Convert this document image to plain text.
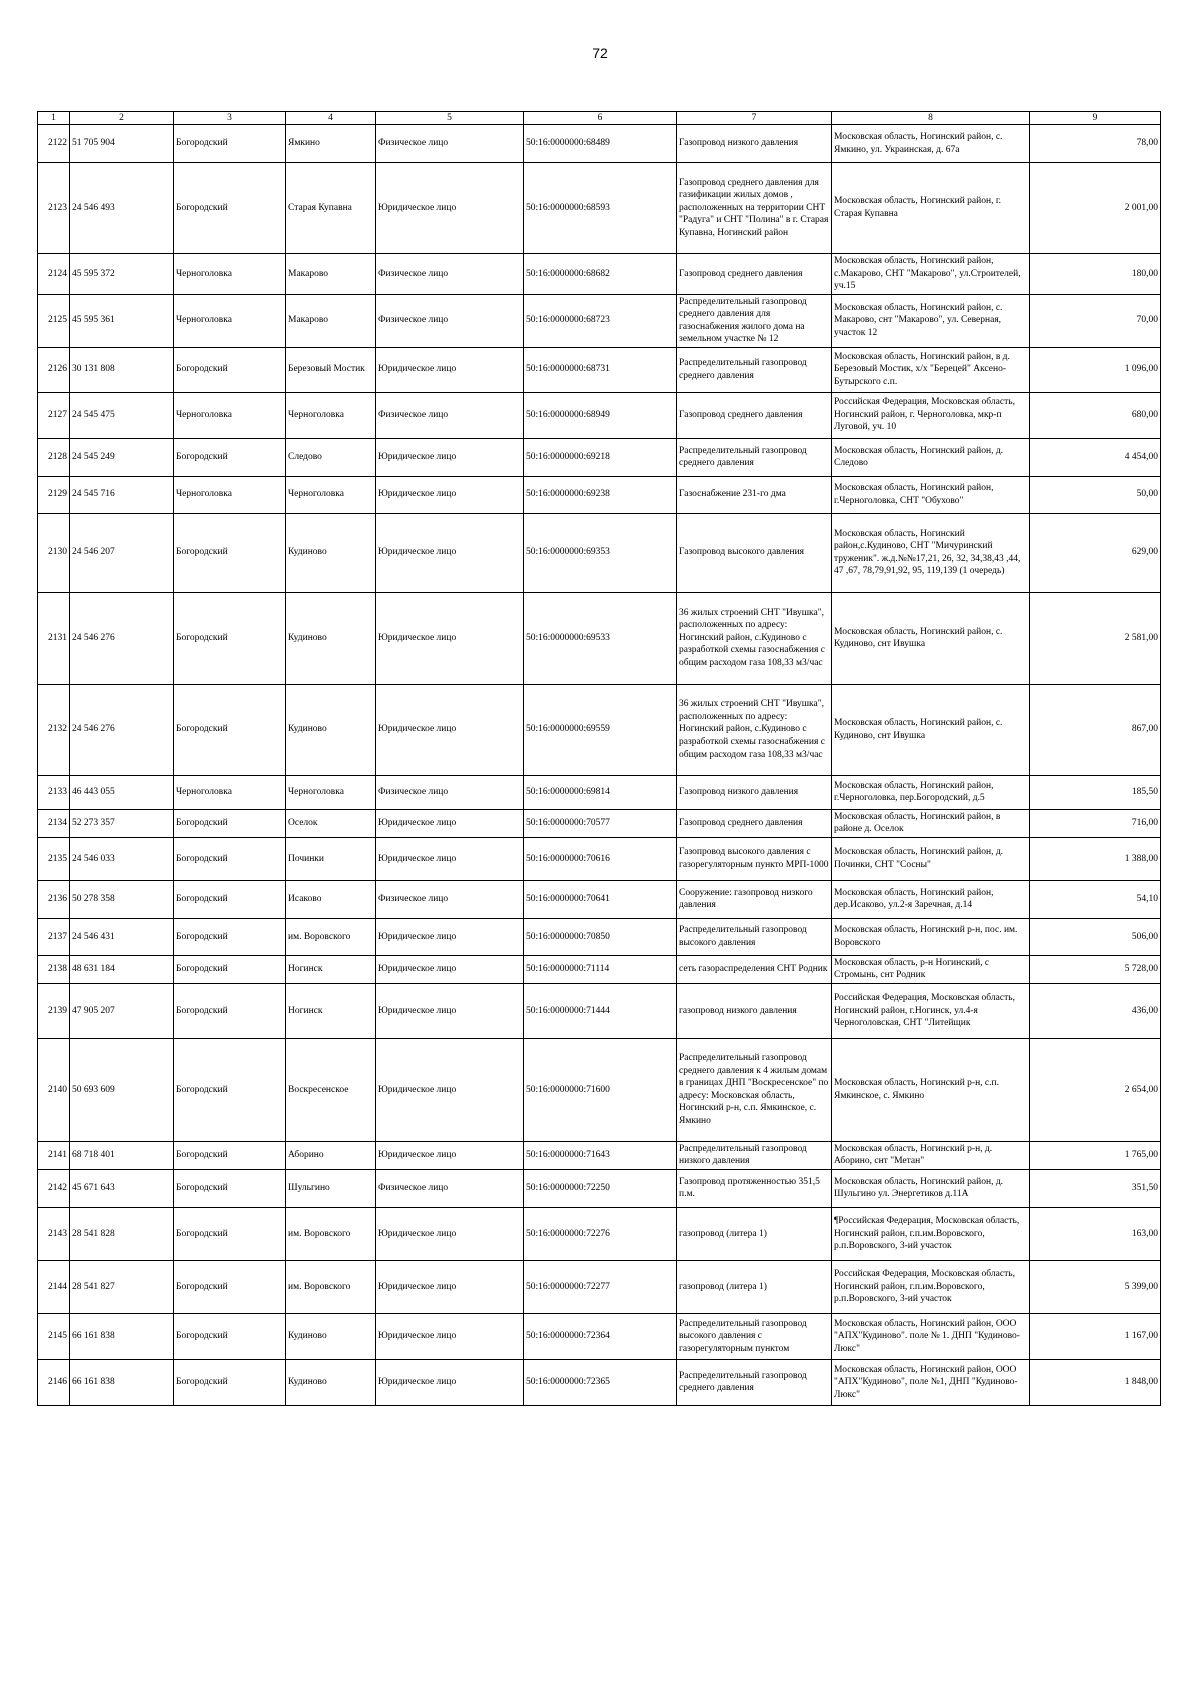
72
1	2	3	4	5	6	7	8	9
2122	51 705 904	Богородский	Ямкино	Физическое лицо	50:16:0000000:68489	Газопровод низкого давления	Московская область, Ногинский район, с. Ямкино, ул. Украинская, д. 67а	78,00
2123	24 546 493	Богородский	Старая Купавна	Юридическое лицо	50:16:0000000:68593	Газопровод среднего давления для газификации жилых домов , расположенных на территории СНТ "Радуга" и СНТ "Полина" в г. Старая Купавна, Ногинский район	Московская область, Ногинский район, г. Старая Купавна	2 001,00
2124	45 595 372	Черноголовка	Макарово	Физическое лицо	50:16:0000000:68682	Газопровод среднего давления	Московская область, Ногинский район, с.Макарово, СНТ "Макарово", ул.Строителей, уч.15	180,00
2125	45 595 361	Черноголовка	Макарово	Физическое лицо	50:16:0000000:68723	Распределительный газопровод среднего давления для газоснабжения жилого дома на земельном участке № 12	Московская область, Ногинский район, с. Макарово, снт "Макарово", ул. Северная, участок 12	70,00
2126	30 131 808	Богородский	Березовый Мостик	Юридическое лицо	50:16:0000000:68731	Распределительный газопровод среднего давления	Московская область, Ногинский район, в д. Березовый Мостик, х/х "Берецей" Аксено-Бутырского с.п.	1 096,00
2127	24 545 475	Черноголовка	Черноголовка	Физическое лицо	50:16:0000000:68949	Газопровод среднего давления	Российская Федерация, Московская область, Ногинский район, г. Черноголовка, мкр-п Луговой, уч. 10	680,00
2128	24 545 249	Богородский	Следово	Юридическое лицо	50:16:0000000:69218	Распределительный газопровод среднего давления	Московская область, Ногинский район, д. Следово	4 454,00
2129	24 545 716	Черноголовка	Черноголовка	Юридическое лицо	50:16:0000000:69238	Газоснабжение 231-го дма	Московская область, Ногинский район, г.Черноголовка, СНТ "Обухово"	50,00
2130	24 546 207	Богородский	Кудиново	Юридическое лицо	50:16:0000000:69353	Газопровод высокого давления	Московская область, Ногинский район,с.Кудиново, СНТ "Мичуринский труженик". ж.д.№№17,21, 26, 32, 34,38,43 ,44, 47 ,67, 78,79,91,92, 95, 119,139 (1 очередь)	629,00
2131	24 546 276	Богородский	Кудиново	Юридическое лицо	50:16:0000000:69533	36 жилых строений СНТ "Ивушка", расположенных по адресу: Ногинский район, с.Кудиново с разработкой схемы газоснабжения с общим расходом газа 108,33 м3/час	Московская область, Ногинский район, с. Кудиново, снт Ивушка	2 581,00
2132	24 546 276	Богородский	Кудиново	Юридическое лицо	50:16:0000000:69559	36 жилых строений СНТ "Ивушка", расположенных по адресу: Ногинский район, с.Кудиново с разработкой схемы газоснабжения с общим расходом газа 108,33 м3/час	Московская область, Ногинский район, с. Кудиново, снт Ивушка	867,00
2133	46 443 055	Черноголовка	Черноголовка	Физическое лицо	50:16:0000000:69814	Газопровод низкого давления	Московская область, Ногинский район, г.Черноголовка, пер.Богородский, д.5	185,50
2134	52 273 357	Богородский	Оселок	Юридическое лицо	50:16:0000000:70577	Газопровод среднего давления	Московская область, Ногинский район, в районе д. Оселок	716,00
2135	24 546 033	Богородский	Починки	Юридическое лицо	50:16:0000000:70616	Газопровод высокого давления с газорегуляторным пункто МРП-1000	Московская область, Ногинский район, д. Починки, СНТ "Сосны"	1 388,00
2136	50 278 358	Богородский	Исаково	Физическое лицо	50:16:0000000:70641	Сооружение: газопровод низкого давления	Московская область, Ногинский район, дер.Исаково, ул.2-я Заречная, д.14	54,10
2137	24 546 431	Богородский	им. Воровского	Юридическое лицо	50:16:0000000:70850	Распределительный газопровод высокого давления	Московская область, Ногинский р-н, пос. им. Воровского	506,00
2138	48 631 184	Богородский	Ногинск	Юридическое лицо	50:16:0000000:71114	сеть газораспределения СНТ Родник	Московская область, р-н Ногинский, с Стромынь, снт Родник	5 728,00
2139	47 905 207	Богородский	Ногинск	Юридическое лицо	50:16:0000000:71444	газопровод низкого давления	Российская Федерация, Московская область, Ногинский район, г.Ногинск, ул.4-я Черноголовская, СНТ "Литейщик	436,00
2140	50 693 609	Богородский	Воскресенское	Юридическое лицо	50:16:0000000:71600	Распределительный газопровод среднего давления к 4 жилым домам в границах ДНП "Воскресенское" по адресу: Московская область, Ногинский р-н, с.п. Ямкинское, с. Ямкино	Московская область, Ногинский р-н, с.п. Ямкинское, с. Ямкино	2 654,00
2141	68 718 401	Богородский	Аборино	Юридическое лицо	50:16:0000000:71643	Распределительный газопровод низкого давления	Московская область, Ногинский р-н, д. Аборино, снт "Метан"	1 765,00
2142	45 671 643	Богородский	Шульгино	Физическое лицо	50:16:0000000:72250	Газопровод протяженностью 351,5 п.м.	Московская область, Ногинский район, д. Шульгино ул. Энергетиков д.11А	351,50
2143	28 541 828	Богородский	им. Воровского	Юридическое лицо	50:16:0000000:72276	газопровод (литера 1)	¶Российская Федерация, Московская область, Ногинский район, г.п.им.Воровского, р.п.Воровского, 3-ий участок	163,00
2144	28 541 827	Богородский	им. Воровского	Юридическое лицо	50:16:0000000:72277	газопровод (литера 1)	Российская Федерация, Московская область, Ногинский район, г.п.им.Воровского, р.п.Воровского, 3-ий участок	5 399,00
2145	66 161 838	Богородский	Кудиново	Юридическое лицо	50:16:0000000:72364	Распределительный газопровод высокого давления с газорегуляторным пунктом	Московская область, Ногинский район, ООО "АПХ"Кудиново". поле № 1. ДНП "Кудиново-Люкс"	1 167,00
2146	66 161 838	Богородский	Кудиново	Юридическое лицо	50:16:0000000:72365	Распределительный газопровод среднего давления	Московская область, Ногинский район, ООО "АПХ"Кудиново", поле №1, ДНП "Кудиново-Люкс"	1 848,00
